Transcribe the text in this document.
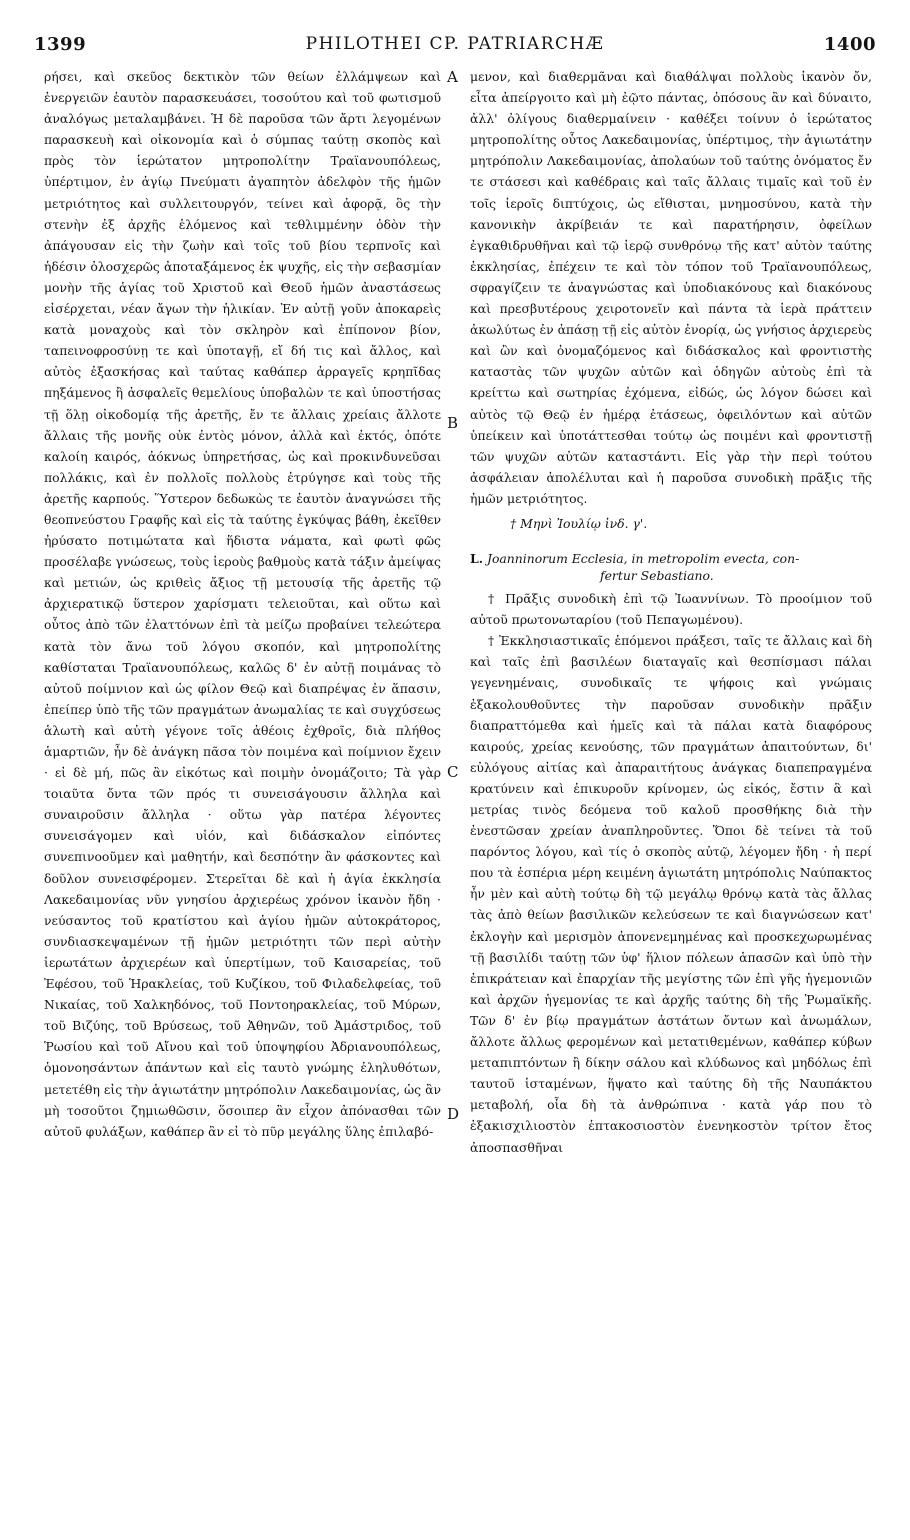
1399	PHILOTHEI CP. PATRIARCHÆ	1400

ρήσει, καὶ σκεῦος δεκτικὸν τῶν θείων ἐλλάμψεων καὶ ἐνεργειῶν ἑαυτὸν παρασκευάσει, τοσούτου καὶ τοῦ φωτισμοῦ ἀναλόγως μεταλαμβάνει. Ἡ δὲ παροῦσα τῶν ἄρτι λεγομένων παρασκευὴ καὶ οἰκονομία καὶ ὁ σύμπας ταύτῃ σκοπὸς καὶ πρὸς τὸν ἱερώτατον μητροπολίτην Τραϊανουπόλεως, ὑπέρτιμον, ἐν ἁγίῳ Πνεύματι ἀγαπητὸν ἀδελφὸν τῆς ἡμῶν μετριότητος καὶ συλλειτουργόν, τείνει καὶ ἀφορᾷ, ὃς τὴν στενὴν ἐξ ἀρχῆς ἑλόμενος καὶ τεθλιμμένην ὁδὸν τὴν ἀπάγουσαν εἰς τὴν ζωὴν καὶ τοῖς τοῦ βίου τερπνοῖς καὶ ἡδέσιν ὀλοσχερῶς ἀποταξάμενος ἐκ ψυχῆς, εἰς τὴν σεβασμίαν μονὴν τῆς ἁγίας τοῦ Χριστοῦ καὶ Θεοῦ ἡμῶν ἀναστάσεως εἰσέρχεται, νέαν ἄγων τὴν ἡλικίαν. Ἐν αὐτῇ γοῦν ἀποκαρεὶς κατὰ μοναχοὺς καὶ τὸν σκληρὸν καὶ ἐπίπονον βίον, ταπεινοφροσύνῃ τε καὶ ὑποταγῇ, εἴ δή τις καὶ ἄλλος, καὶ αὐτὸς ἐξασκήσας καὶ ταύτας καθάπερ ἀρραγεῖς κρηπῖδας πηξάμενος ἢ ἀσφαλεῖς θεμελίους ὑποβαλὼν τε καὶ ὑποστήσας τῇ ὅλῃ οἰκοδομίᾳ τῆς ἀρετῆς, ἔν τε ἄλλαις χρείαις ἄλλοτε ἄλλαις τῆς μονῆς οὐκ ἐντὸς μόνον, ἀλλὰ καὶ ἐκτός, ὁπότε καλοίη καιρός, ἀόκνως ὑπηρετήσας, ὡς καὶ προκινδυνεῦσαι πολλάκις, καὶ ἐν πολλοῖς πολλοὺς ἐτρύγησε καὶ τοὺς τῆς ἀρετῆς καρπούς. Ὕστερον δεδωκὼς τε ἑαυτὸν ἀναγνώσει τῆς θεοπνεύστου Γραφῆς καὶ εἰς τὰ ταύτης ἐγκύψας βάθη, ἐκεῖθεν ἠρύσατο ποτιμώτατα καὶ ἥδιστα νάματα, καὶ φωτὶ φῶς προσέλαβε γνώσεως, τοὺς ἱεροὺς βαθμοὺς κατὰ τάξιν ἀμείψας καὶ μετιών, ὡς κριθεὶς ἄξιος τῇ μετουσίᾳ τῆς ἀρετῆς τῷ ἀρχιερατικῷ ὕστερον χαρίσματι τελειοῦται, καὶ οὕτω καὶ οὗτος ἀπὸ τῶν ἐλαττόνων ἐπὶ τὰ μείζω προβαίνει τελεώτερα κατὰ τὸν ἄνω τοῦ λόγου σκοπόν, καὶ μητροπολίτης καθίσταται Τραϊανουπόλεως, καλῶς δ' ἐν αὐτῇ ποιμάνας τὸ αὐτοῦ ποίμνιον καὶ ὡς φίλον Θεῷ καὶ διαπρέψας ἐν ἅπασιν, ἐπείπερ ὑπὸ τῆς τῶν πραγμάτων ἀνωμαλίας τε καὶ συγχύσεως ἁλωτὴ καὶ αὐτὴ γέγονε τοῖς ἀθέοις ἐχθροῖς, διὰ πλήθος ἁμαρτιῶν, ἦν δὲ ἀνάγκη πᾶσα τὸν ποιμένα καὶ ποίμνιον ἔχειν · εἰ δὲ μή, πῶς ἂν εἰκότως καὶ ποιμὴν ὀνομάζοιτο; Τὰ γὰρ τοιαῦτα ὄντα τῶν πρός τι συνεισάγουσιν ἄλληλα καὶ συναιροῦσιν ἄλληλα · οὕτω γὰρ πατέρα λέγοντες συνεισάγομεν καὶ υἱόν, καὶ διδάσκαλον εἰπόντες συνεπινοοῦμεν καὶ μαθητήν, καὶ δεσπότην ἂν φάσκοντες καὶ δοῦλον συνεισφέρομεν. Στερεῖται δὲ καὶ ἡ ἁγία ἐκκλησία Λακεδαιμονίας νῦν γνησίου ἀρχιερέως χρόνον ἱκανὸν ἤδη · νεύσαντος τοῦ κρατίστου καὶ ἁγίου ἡμῶν αὐτοκράτορος, συνδιασκεψαμένων τῇ ἡμῶν μετριότητι τῶν περὶ αὐτὴν ἱερωτάτων ἀρχιερέων καὶ ὑπερτίμων, τοῦ Καισαρείας, τοῦ Ἐφέσου, τοῦ Ἡρακλείας, τοῦ Κυζίκου, τοῦ Φιλαδελφείας, τοῦ Νικαίας, τοῦ Χαλκηδόνος, τοῦ Ποντοηρακλείας, τοῦ Μύρων, τοῦ Βιζύης, τοῦ Βρύσεως, τοῦ Ἀθηνῶν, τοῦ Ἀμάστριδος, τοῦ Ῥωσίου καὶ τοῦ Αἴνου καὶ τοῦ ὑποψηφίου Ἀδριανουπόλεως, ὁμονοησάντων ἁπάντων καὶ εἰς ταυτὸ γνώμης ἐληλυθότων, μετετέθη εἰς τὴν ἁγιωτάτην μητρόπολιν Λακεδαιμονίας, ὡς ἂν μὴ τοσοῦτοι ζημιωθῶσιν, ὅσοιπερ ἂν εἶχον ἀπόνασθαι τῶν αὐτοῦ φυλάξων, καθάπερ ἂν εἰ τὸ πῦρ μεγάλης ὕλης ἐπιλαβό-

A
B
C
D

μενον, καὶ διαθερμᾶναι καὶ διαθάλψαι πολλοὺς ἱκανὸν ὄν, εἶτα ἀπείργοιτο καὶ μὴ ἐῷτο πάντας, ὁπόσους ἂν καὶ δύναιτο, ἀλλ' ὀλίγους διαθερμαίνειν · καθέξει τοίνυν ὁ ἱερώτατος μητροπολίτης οὗτος Λακεδαιμονίας, ὑπέρτιμος, τὴν ἁγιωτάτην μητρόπολιν Λακεδαιμονίας, ἀπολαύων τοῦ ταύτης ὀνόματος ἔν τε στάσεσι καὶ καθέδραις καὶ ταῖς ἄλλαις τιμαῖς καὶ τοῦ ἐν τοῖς ἱεροῖς διπτύχοις, ὡς εἴθισται, μνημοσύνου, κατὰ τὴν κανονικὴν ἀκρίβειάν τε καὶ παρατήρησιν, ὀφείλων ἐγκαθιδρυθῆναι καὶ τῷ ἱερῷ συνθρόνῳ τῆς κατ' αὐτὸν ταύτης ἐκκλησίας, ἐπέχειν τε καὶ τὸν τόπον τοῦ Τραϊανουπόλεως, σφραγίζειν τε ἀναγνώστας καὶ ὑποδιακόνους καὶ διακόνους καὶ πρεσβυτέρους χειροτονεῖν καὶ πάντα τὰ ἱερὰ πράττειν ἀκωλύτως ἐν ἁπάσῃ τῇ εἰς αὐτὸν ἐνορίᾳ, ὡς γνήσιος ἀρχιερεὺς καὶ ὢν καὶ ὀνομαζόμενος καὶ διδάσκαλος καὶ φροντιστὴς καταστὰς τῶν ψυχῶν αὐτῶν καὶ ὁδηγῶν αὐτοὺς ἐπὶ τὰ κρείττω καὶ σωτηρίας ἐχόμενα, εἰδώς, ὡς λόγον δώσει καὶ αὐτὸς τῷ Θεῷ ἐν ἡμέρᾳ ἐτάσεως, ὀφειλόντων καὶ αὐτῶν ὑπείκειν καὶ ὑποτάττεσθαι τούτῳ ὡς ποιμένι καὶ φροντιστῇ τῶν ψυχῶν αὐτῶν καταστάντι. Εἰς γὰρ τὴν περὶ τούτου ἀσφάλειαν ἀπολέλυται καὶ ἡ παροῦσα συνοδικὴ πρᾶξις τῆς ἡμῶν μετριότητος.

† Μηνὶ Ἰουλίῳ ἰνδ. γ'.

L. Joanninorum Ecclesia, in metropolim evecta, con-
fertur Sebastiano.

† Πρᾶξις συνοδικὴ ἐπὶ τῷ Ἰωαννίνων. Τὸ προοίμιον τοῦ αὐτοῦ πρωτονωταρίου (τοῦ Πεπαγωμένου).

† Ἐκκλησιαστικαῖς ἑπόμενοι πράξεσι, ταῖς τε ἄλλαις καὶ δὴ καὶ ταῖς ἐπὶ βασιλέων διαταγαῖς καὶ θεσπίσμασι πάλαι γεγενημέναις, συνοδικαῖς τε ψήφοις καὶ γνώμαις ἐξακολουθοῦντες τὴν παροῦσαν συνοδικὴν πρᾶξιν διαπραττόμεθα καὶ ἡμεῖς καὶ τὰ πάλαι κατὰ διαφόρους καιρούς, χρείας κενούσης, τῶν πραγμάτων ἀπαιτούντων, δι' εὐλόγους αἰτίας καὶ ἀπαραιτήτους ἀνάγκας διαπεπραγμένα κρατύνειν καὶ ἐπικυροῦν κρίνομεν, ὡς εἰκός, ἔστιν ἃ καὶ μετρίας τινὸς δεόμενα τοῦ καλοῦ προσθήκης διὰ τὴν ἐνεστῶσαν χρείαν ἀναπληροῦντες. Ὅποι δὲ τείνει τὰ τοῦ παρόντος λόγου, καὶ τίς ὁ σκοπὸς αὐτῷ, λέγομεν ἤδη · ἡ περί που τὰ ἑσπέρια μέρη κειμένη ἁγιωτάτη μητρόπολις Ναύπακτος ἦν μὲν καὶ αὐτὴ τούτῳ δὴ τῷ μεγάλῳ θρόνῳ κατὰ τὰς ἄλλας τὰς ἀπὸ θείων βασιλικῶν κελεύσεων τε καὶ διαγνώσεων κατ' ἐκλογὴν καὶ μερισμὸν ἀπονενεμημένας καὶ προσκεχωρωμένας τῇ βασιλίδι ταύτῃ τῶν ὑφ' ἥλιον πόλεων ἁπασῶν καὶ ὑπὸ τὴν ἐπικράτειαν καὶ ἐπαρχίαν τῆς μεγίστης τῶν ἐπὶ γῆς ἡγεμονιῶν καὶ ἀρχῶν ἡγεμονίας τε καὶ ἀρχῆς ταύτης δὴ τῆς Ῥωμαϊκῆς. Τῶν δ' ἐν βίῳ πραγμάτων ἀστάτων ὄντων καὶ ἀνωμάλων, ἄλλοτε ἄλλως φερομένων καὶ μετατιθεμένων, καθάπερ κύβων μεταπιπτόντων ἢ δίκην σάλου καὶ κλύδωνος καὶ μηδόλως ἐπὶ ταυτοῦ ἱσταμένων, ἥψατο καὶ ταύτης δὴ τῆς Ναυπάκτου μεταβολή, οἷα δὴ τὰ ἀνθρώπινα · κατὰ γάρ που τὸ ἑξακισχιλιοστὸν ἑπτακοσιοστὸν ἐνενηκοστὸν τρίτον ἔτος ἀποσπασθῆναι
